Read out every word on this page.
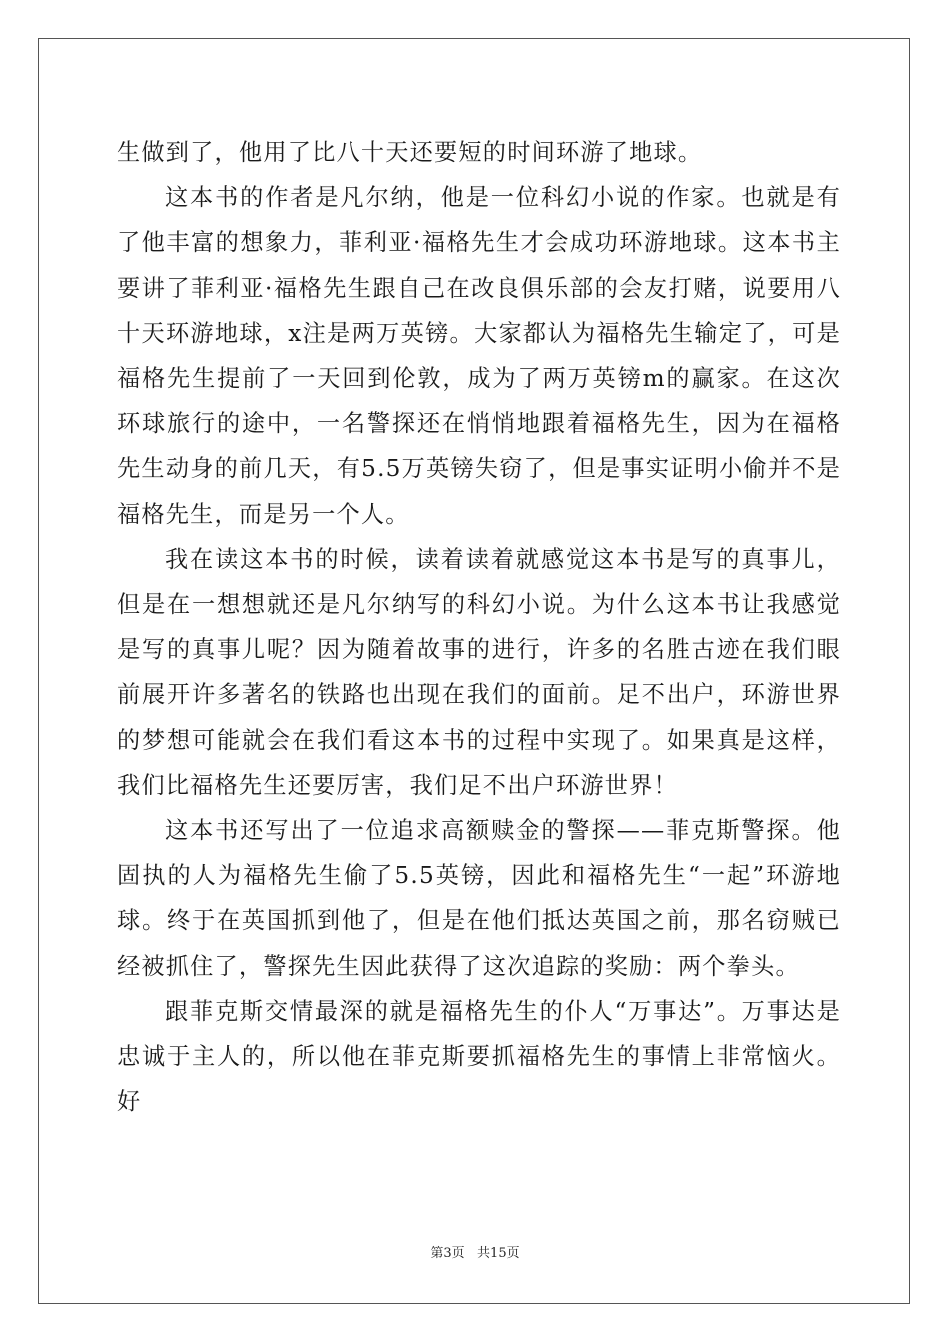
生做到了，他用了比八十天还要短的时间环游了地球。

这本书的作者是凡尔纳，他是一位科幻小说的作家。也就是有了他丰富的想象力，菲利亚·福格先生才会成功环游地球。这本书主要讲了菲利亚·福格先生跟自己在改良俱乐部的会友打赌，说要用八十天环游地球，x注是两万英镑。大家都认为福格先生输定了，可是福格先生提前了一天回到伦敦，成为了两万英镑m的赢家。在这次环球旅行的途中，一名警探还在悄悄地跟着福格先生，因为在福格先生动身的前几天，有5.5万英镑失窃了，但是事实证明小偷并不是福格先生，而是另一个人。

我在读这本书的时候，读着读着就感觉这本书是写的真事儿，但是在一想想就还是凡尔纳写的科幻小说。为什么这本书让我感觉是写的真事儿呢？因为随着故事的进行，许多的名胜古迹在我们眼前展开许多著名的铁路也出现在我们的面前。足不出户，环游世界的梦想可能就会在我们看这本书的过程中实现了。如果真是这样，我们比福格先生还要厉害，我们足不出户环游世界！

这本书还写出了一位追求高额赎金的警探——菲克斯警探。他固执的人为福格先生偷了5.5英镑，因此和福格先生“一起”环游地球。终于在英国抓到他了，但是在他们抵达英国之前，那名窃贼已经被抓住了，警探先生因此获得了这次追踪的奖励：两个拳头。

跟菲克斯交情最深的就是福格先生的仆人“万事达”。万事达是忠诚于主人的，所以他在菲克斯要抓福格先生的事情上非常恼火。好

第3页   共15页
